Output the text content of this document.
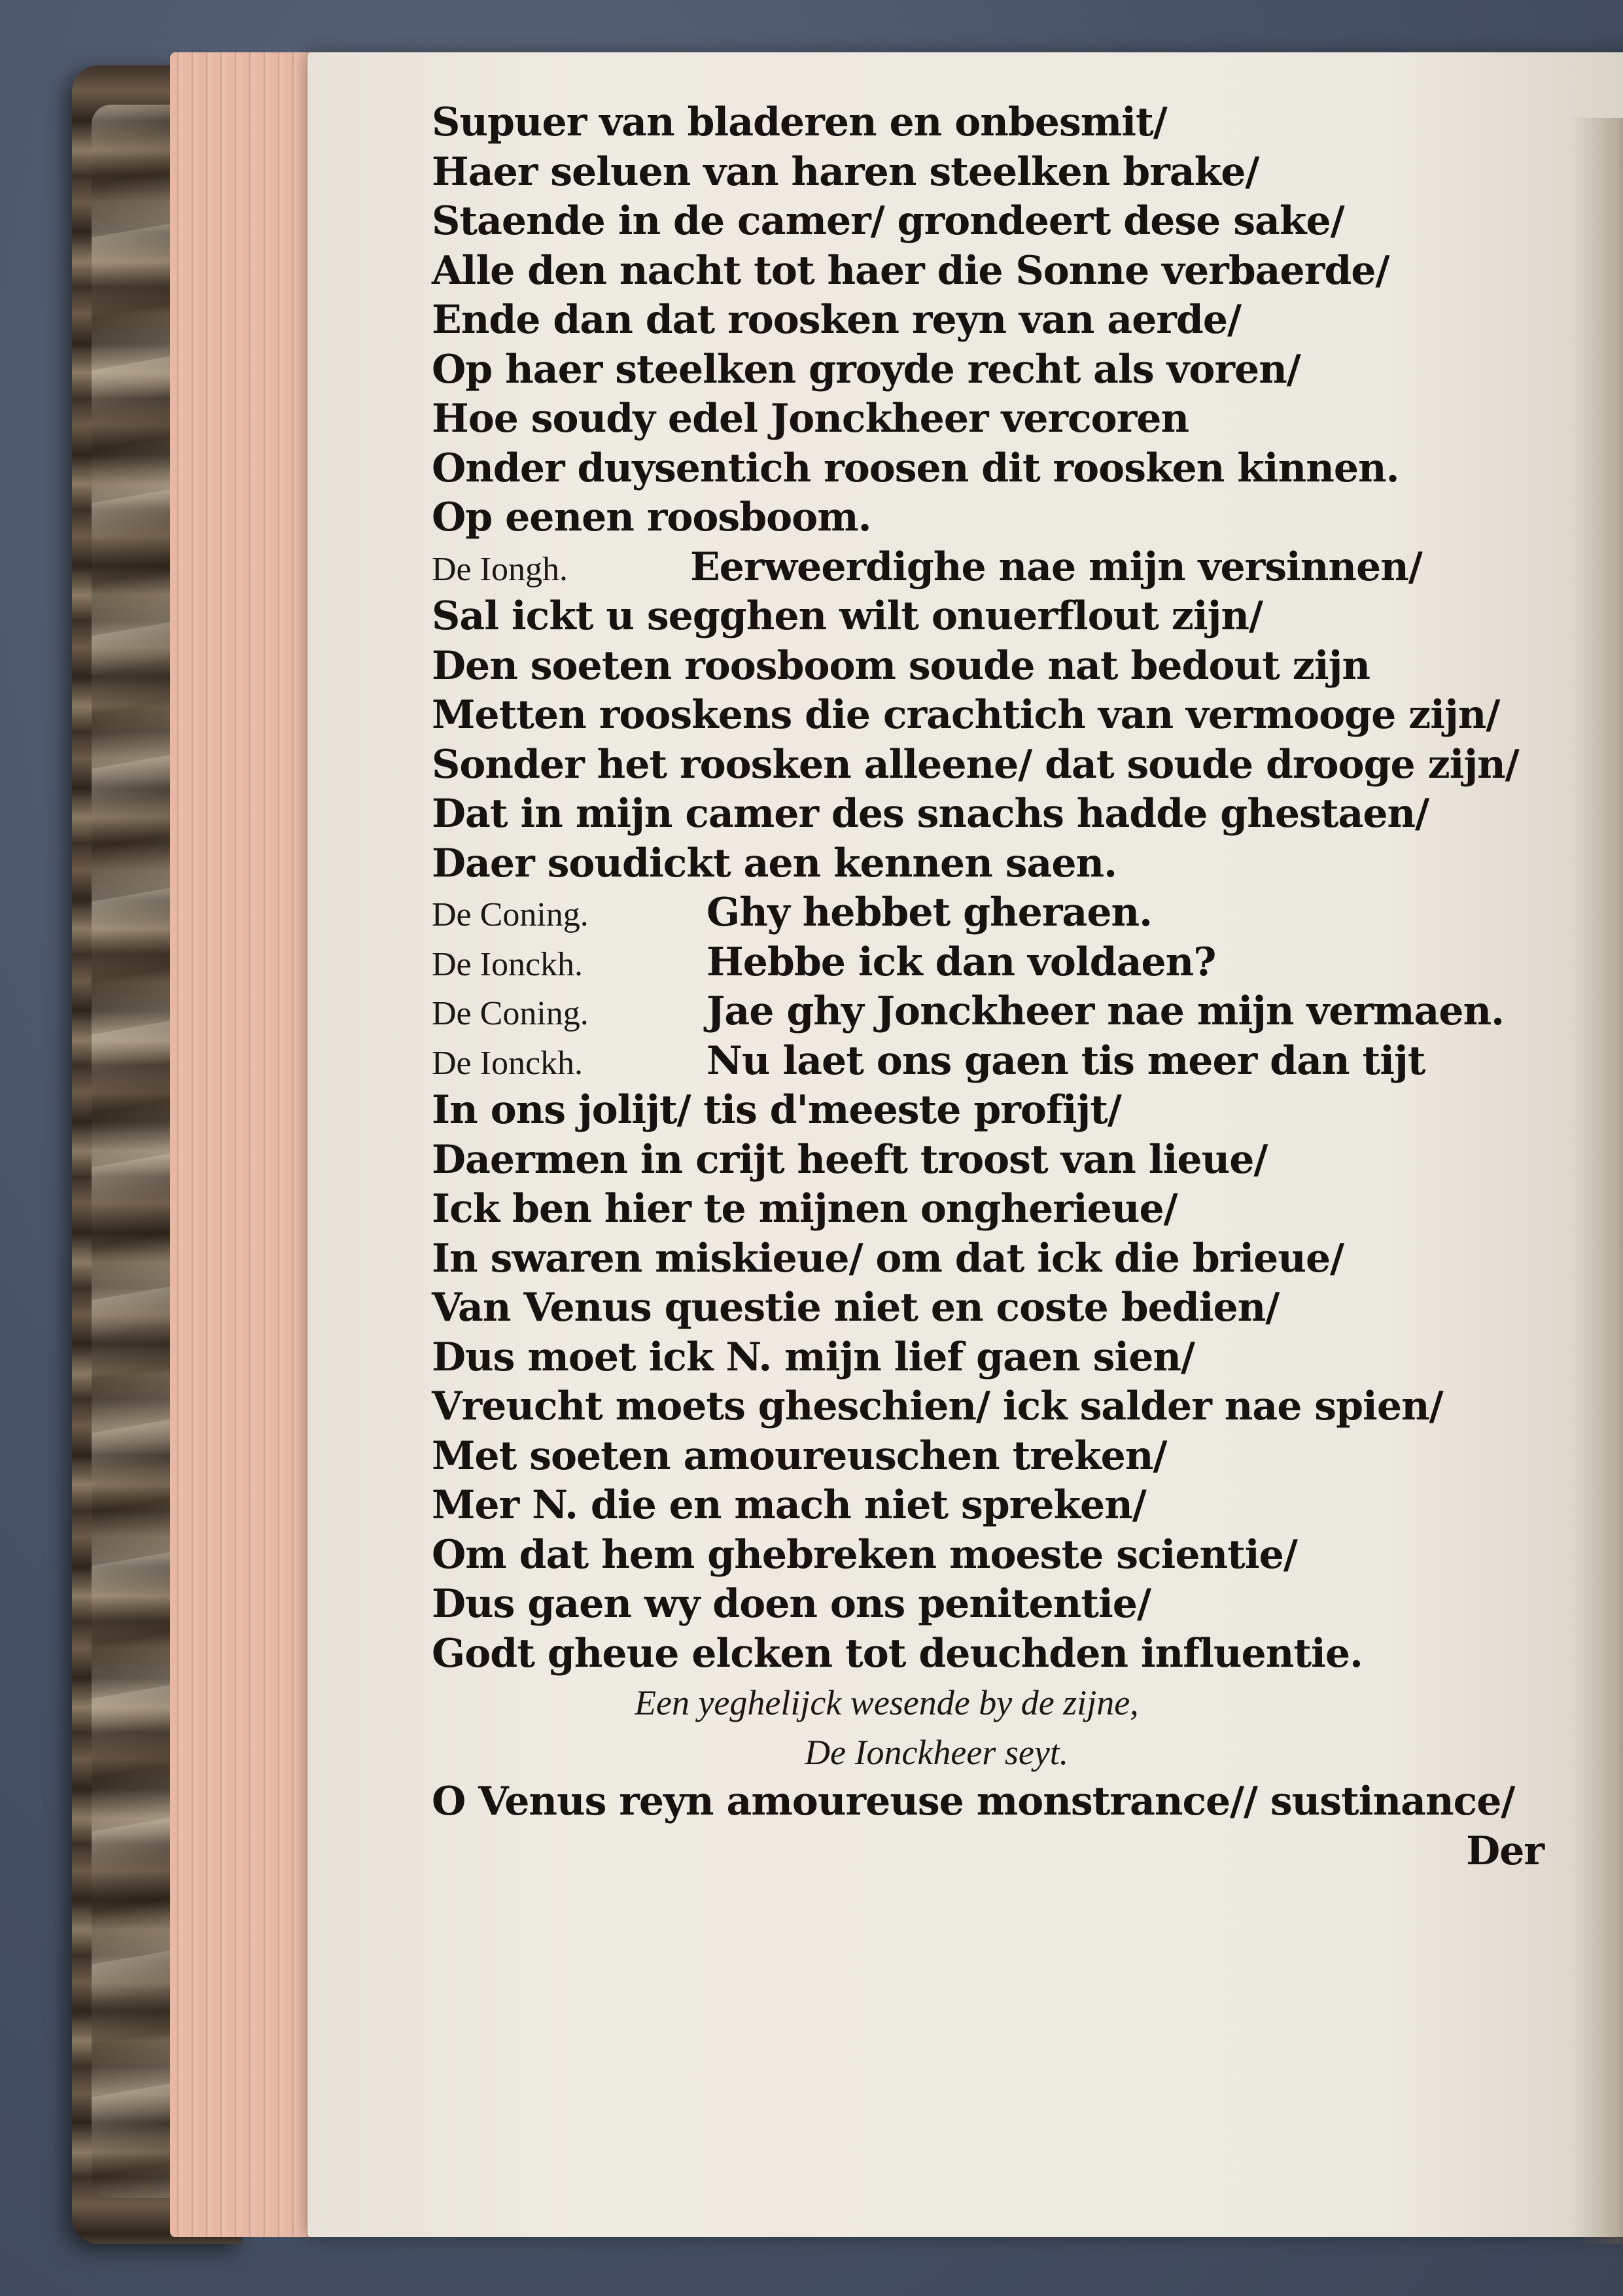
Supuer van bladeren en onbesmit/
Haer seluen van haren steelken brake/
Staende in de camer/ grondeert dese sake/
Alle den nacht tot haer die Sonne verbaerde/
Ende dan dat roosken reyn van aerde/
Op haer steelken groyde recht als voren/
Hoe soudy edel Jonckheer vercoren
Onder duysentich roosen dit roosken kinnen.
Op eenen roosboom.
De Iongh.	Eerweerdighe nae mijn versinnen/
Sal ickt u segghen wilt onuerflout zijn/
Den soeten roosboom soude nat bedout zijn
Metten rooskens die crachtich van vermooge zijn/
Sonder het roosken alleene/ dat soude drooge zijn/
Dat in mijn camer des snachs hadde ghestaen/
Daer soudickt aen kennen saen.
De Coning.	Ghy hebbet gheraen.
De Ionckh.	Hebbe ick dan voldaen?
De Coning.	Jae ghy Jonckheer nae mijn vermaen.
De Ionckh.	Nu laet ons gaen tis meer dan tijt
In ons jolijt/ tis d'meeste profijt/
Daermen in crijt heeft troost van lieue/
Ick ben hier te mijnen ongherieue/
In swaren miskieue/ om dat ick die brieue/
Van Venus questie niet en coste bedien/
Dus moet ick N. mijn lief gaen sien/
Vreucht moets gheschien/ ick salder nae spien/
Met soeten amoureuschen treken/
Mer N. die en mach niet spreken/
Om dat hem ghebreken moeste scientie/
Dus gaen wy doen ons penitentie/
Godt gheue elcken tot deuchden influentie.
Een yeghelijck wesende by de zijne,
De Ionckheer seyt.
O Venus reyn amoureuse monstrance// sustinance/
Der
